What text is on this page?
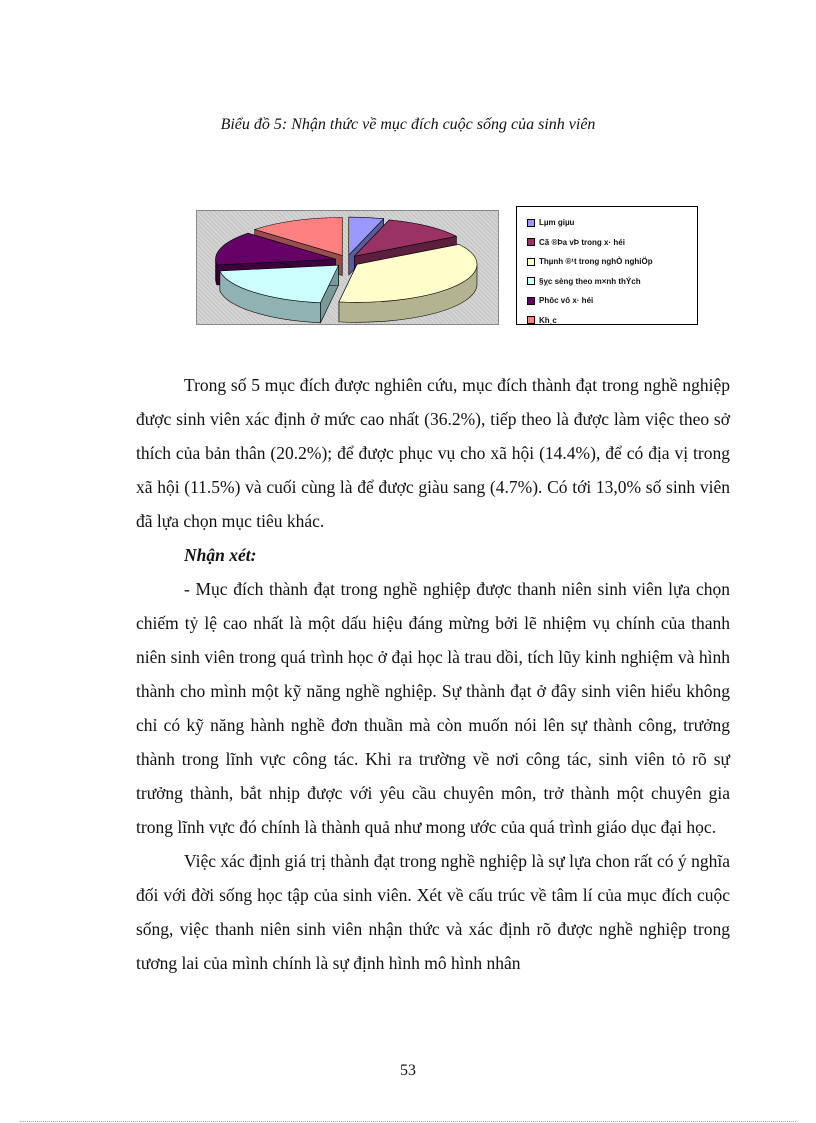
Biểu đồ 5: Nhận thức về mục đích cuộc sống của sinh viên
Lµm giµu
Cã ®Þa vÞ trong x· héi
Thµnh ®¹t trong nghÒ nghiÖp
§ỵc sèng theo m×nh thÝch
Phôc vô x· héi
Kh¸c

Trong số 5 mục đích được nghiên cứu, mục đích thành đạt trong nghề nghiệp được sinh viên xác định ở mức cao nhất (36.2%), tiếp theo là được làm việc theo sở thích của bản thân (20.2%); để được phục vụ cho xã hội (14.4%), để có địa vị trong xã hội (11.5%) và cuối cùng là để được giàu sang (4.7%). Có tới 13,0% số sinh viên đã lựa chọn mục tiêu khác.

Nhận xét:

- Mục đích thành đạt trong nghề nghiệp được thanh niên sinh viên lựa chọn chiếm tỷ lệ cao nhất là một dấu hiệu đáng mừng bởi lẽ nhiệm vụ chính của thanh niên sinh viên trong quá trình học ở đại học là trau dồi, tích lũy kinh nghiệm và hình thành cho mình một kỹ năng nghề nghiệp. Sự thành đạt ở đây sinh viên hiểu không chỉ có kỹ năng hành nghề đơn thuần mà còn muốn nói lên sự thành công, trưởng thành trong lĩnh vực công tác. Khi ra trường về nơi công tác, sinh viên tỏ rõ sự trưởng thành, bắt nhịp được với yêu cầu chuyên môn, trở thành một chuyên gia trong lĩnh vực đó chính là thành quả như mong ước của quá trình giáo dục đại học.

Việc xác định giá trị thành đạt trong nghề nghiệp là sự lựa chon rất có ý nghĩa đối với đời sống học tập của sinh viên. Xét về cấu trúc về tâm lí của mục đích cuộc sống, việc thanh niên sinh viên nhận thức và xác định rõ được nghề nghiệp trong tương lai của mình chính là sự định hình mô hình nhân

53
